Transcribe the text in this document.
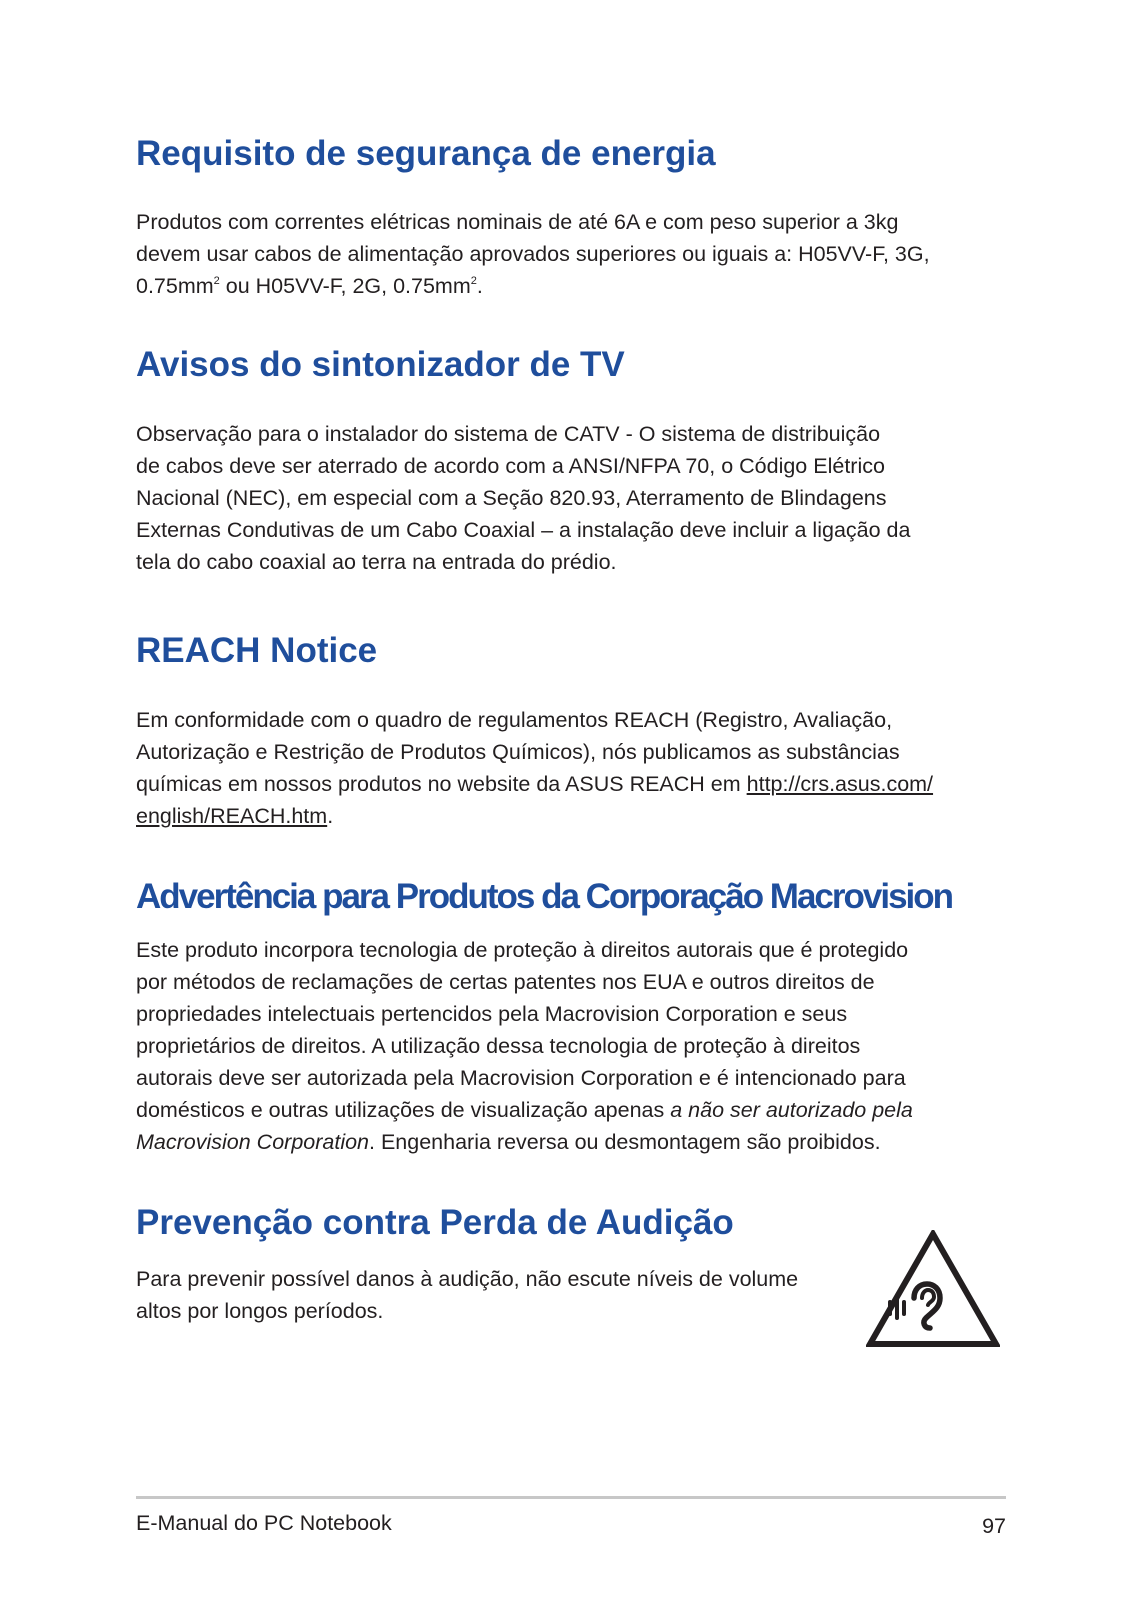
Requisito de segurança de energia

Produtos com correntes elétricas nominais de até 6A e com peso superior a 3kg
devem usar cabos de alimentação aprovados superiores ou iguais a: H05VV-F, 3G,
$0.75mm^2$ ou H05VV-F, 2G, $0.75mm^2$.

Avisos do sintonizador de TV

Observação para o instalador do sistema de CATV - O sistema de distribuição
de cabos deve ser aterrado de acordo com a ANSI/NFPA 70, o Código Elétrico
Nacional (NEC), em especial com a Seção 820.93, Aterramento de Blindagens
Externas Condutivas de um Cabo Coaxial – a instalação deve incluir a ligação da
tela do cabo coaxial ao terra na entrada do prédio.

REACH Notice

Em conformidade com o quadro de regulamentos REACH (Registro, Avaliação,
Autorização e Restrição de Produtos Químicos), nós publicamos as substâncias
químicas em nossos produtos no website da ASUS REACH em http://crs.asus.com/
english/REACH.htm.

Advertência para Produtos da Corporação Macrovision

Este produto incorpora tecnologia de proteção à direitos autorais que é protegido
por métodos de reclamações de certas patentes nos EUA e outros direitos de
propriedades intelectuais pertencidos pela Macrovision Corporation e seus
proprietários de direitos. A utilização dessa tecnologia de proteção à direitos
autorais deve ser autorizada pela Macrovision Corporation e é intencionado para
domésticos e outras utilizações de visualização apenas a não ser autorizado pela
Macrovision Corporation. Engenharia reversa ou desmontagem são proibidos.

Prevenção contra Perda de Audição

Para prevenir possível danos à audição, não escute níveis de volume
altos por longos períodos.

E-Manual do PC Notebook	97
